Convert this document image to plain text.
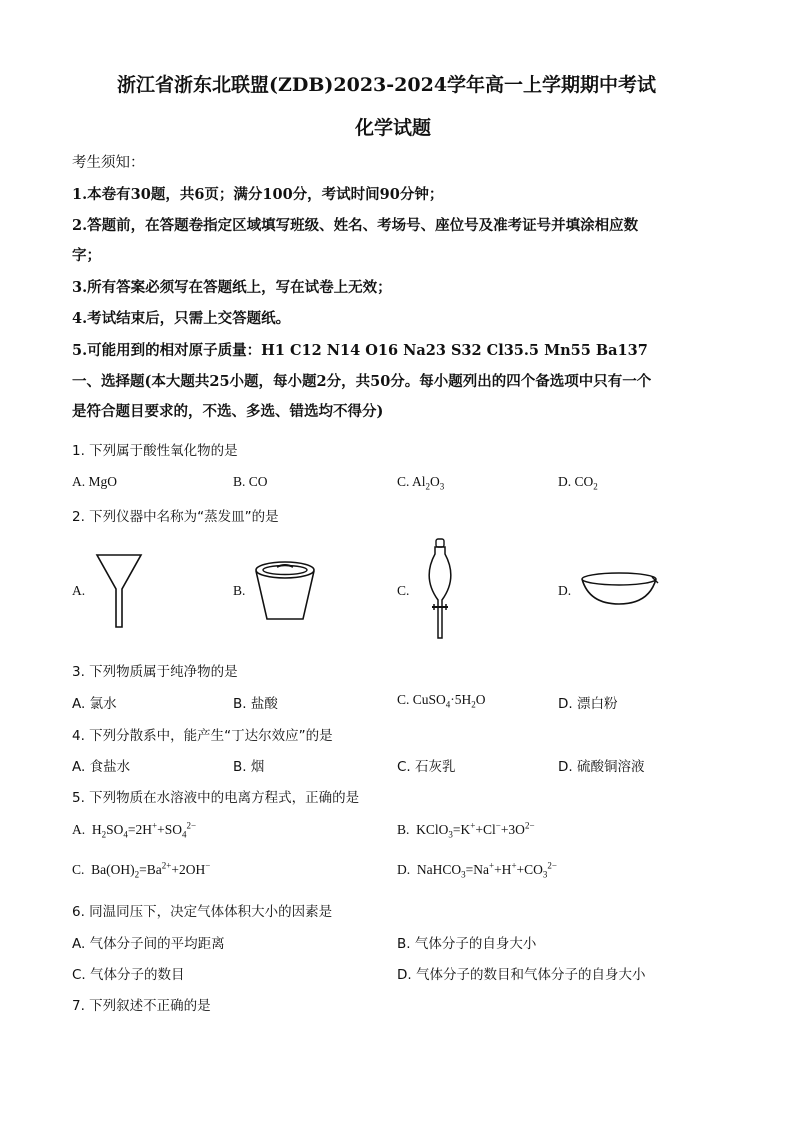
浙江省浙东北联盟(ZDB)2023-2024学年高一上学期期中考试
化学试题
考生须知：
1.本卷有30题，共6页；满分100分，考试时间90分钟；
2.答题前，在答题卷指定区域填写班级、姓名、考场号、座位号及准考证号并填涂相应数
字；
3.所有答案必须写在答题纸上，写在试卷上无效；
4.考试结束后，只需上交答题纸。
5.可能用到的相对原子质量：H1 C12 N14 O16 Na23 S32 Cl35.5 Mn55 Ba137
一、选择题(本大题共25小题，每小题2分，共50分。每小题列出的四个备选项中只有一个
是符合题目要求的，不选、多选、错选均不得分)
1. 下列属于酸性氧化物的是
A. MgO	B. CO	C. $Al_2O_3$	D. $CO_2$
2. 下列仪器中名称为“蒸发皿”的是
A.	B.	C.	D.
3. 下列物质属于纯净物的是
A. 氯水	B. 盐酸	C. $CuSO_4\cdot 5H_2O$	D. 漂白粉
4. 下列分散系中，能产生“丁达尔效应”的是
A. 食盐水	B. 烟	C. 石灰乳	D. 硫酸铜溶液
5. 下列物质在水溶液中的电离方程式，正确的是
A. $H_2SO_4=2H^++SO_4^{2-}$	B. $KClO_3=K^++Cl^-+3O^{2-}$
C. $Ba(OH)_2=Ba^{2+}+2OH^-$	D. $NaHCO_3=Na^++H^++CO_3^{2-}$
6. 同温同压下，决定气体体积大小的因素是
A. 气体分子间的平均距离	B. 气体分子的自身大小
C. 气体分子的数目	D. 气体分子的数目和气体分子的自身大小
7. 下列叙述不正确的是
